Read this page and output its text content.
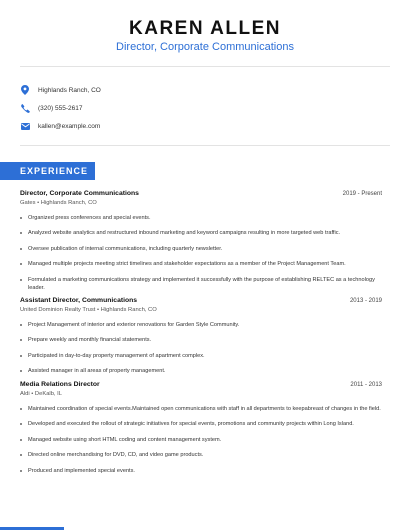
KAREN ALLEN
Director, Corporate Communications
Highlands Ranch, CO
(320) 555-2617
kallen@example.com
EXPERIENCE
Director, Corporate Communications	2019 - Present
Gates • Highlands Ranch, CO
Organized press conferences and special events.
Analyzed website analytics and restructured inbound marketing and keyword campaigns resulting in more targeted web traffic.
Oversee publication of internal communications, including quarterly newsletter.
Managed multiple projects meeting strict timelines and stakeholder expectations as a member of the Project Management Team.
Formulated a marketing communications strategy and implemented it successfully with the purpose of establishing RELTEC as a technology leader.
Assistant Director, Communications	2013 - 2019
United Dominion Realty Trust • Highlands Ranch, CO
Project Management of interior and exterior renovations for Garden Style Community.
Prepare weekly and monthly financial statements.
Participated in day-to-day property management of apartment complex.
Assisted manager in all areas of property management.
Media Relations Director	2011 - 2013
Aldi • DeKalb, IL
Maintained coordination of special events.Maintained open communications with staff in all departments to keepabreast of changes in the field.
Developed and executed the rollout of strategic initiatives for special events, promotions and community projects within Long Island.
Managed website using short HTML coding and content management system.
Directed online merchandising for DVD, CD, and video game products.
Produced and implemented special events.
